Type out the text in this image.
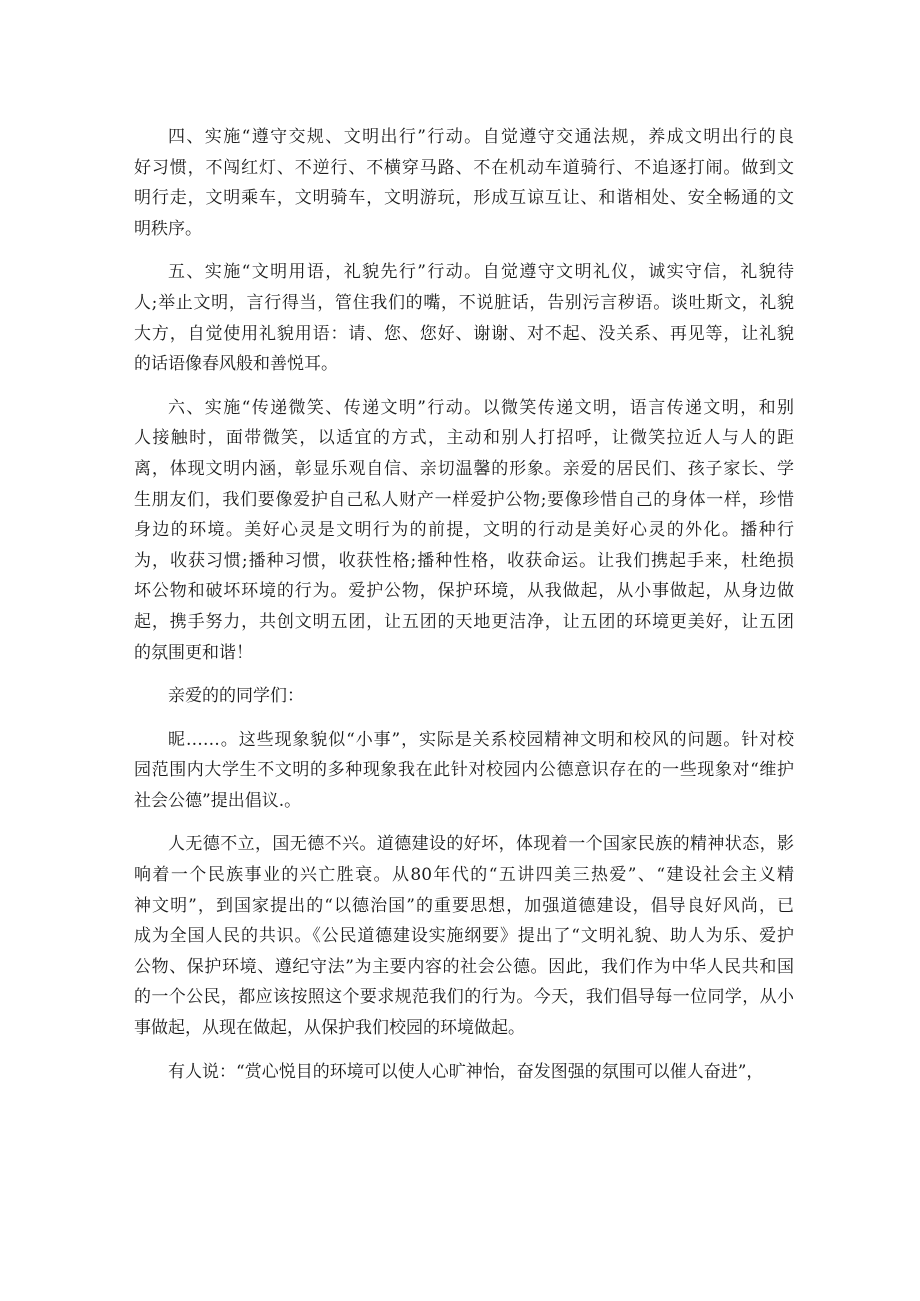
四、实施“遵守交规、文明出行”行动。自觉遵守交通法规，养成文明出行的良
好习惯，不闯红灯、不逆行、不横穿马路、不在机动车道骑行、不追逐打闹。做到文
明行走，文明乘车，文明骑车，文明游玩，形成互谅互让、和谐相处、安全畅通的文
明秩序。
五、实施“文明用语，礼貌先行”行动。自觉遵守文明礼仪，诚实守信，礼貌待
人;举止文明，言行得当，管住我们的嘴，不说脏话，告别污言秽语。谈吐斯文，礼貌
大方，自觉使用礼貌用语：请、您、您好、谢谢、对不起、没关系、再见等，让礼貌
的话语像春风般和善悦耳。
六、实施“传递微笑、传递文明”行动。以微笑传递文明，语言传递文明，和别
人接触时，面带微笑，以适宜的方式，主动和别人打招呼，让微笑拉近人与人的距
离，体现文明内涵，彰显乐观自信、亲切温馨的形象。亲爱的居民们、孩子家长、学
生朋友们，我们要像爱护自己私人财产一样爱护公物;要像珍惜自己的身体一样，珍惜
身边的环境。美好心灵是文明行为的前提，文明的行动是美好心灵的外化。播种行
为，收获习惯;播种习惯，收获性格;播种性格，收获命运。让我们携起手来，杜绝损
坏公物和破坏环境的行为。爱护公物，保护环境，从我做起，从小事做起，从身边做
起，携手努力，共创文明五团，让五团的天地更洁净，让五团的环境更美好，让五团
的氛围更和谐！
亲爱的的同学们：
昵……。这些现象貌似“小事”，实际是关系校园精神文明和校风的问题。针对校
园范围内大学生不文明的多种现象我在此针对校园内公德意识存在的一些现象对“维护
社会公德”提出倡议.。
人无德不立，国无德不兴。道德建设的好坏，体现着一个国家民族的精神状态，影
响着一个民族事业的兴亡胜衰。从80年代的“五讲四美三热爱”、“建设社会主义精
神文明”，到国家提出的“以德治国”的重要思想，加强道德建设，倡导良好风尚，已
成为全国人民的共识。《公民道德建设实施纲要》提出了“文明礼貌、助人为乐、爱护
公物、保护环境、遵纪守法”为主要内容的社会公德。因此，我们作为中华人民共和国
的一个公民，都应该按照这个要求规范我们的行为。今天，我们倡导每一位同学，从小
事做起，从现在做起，从保护我们校园的环境做起。
有人说：“赏心悦目的环境可以使人心旷神怡，奋发图强的氛围可以催人奋进”，
